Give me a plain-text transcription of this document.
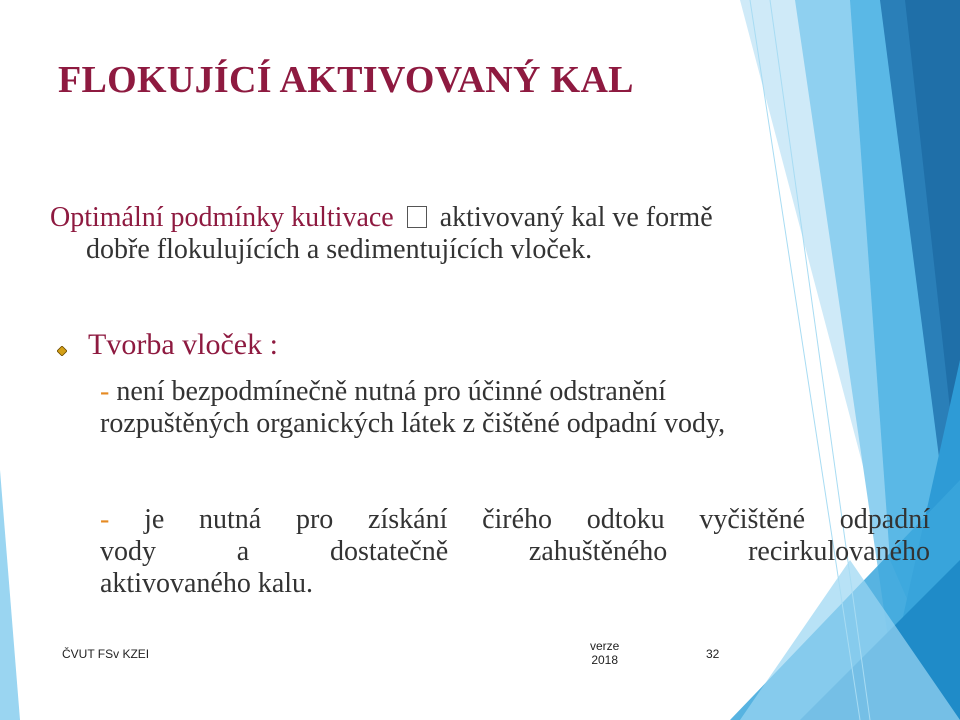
FLOKUJÍCÍ AKTIVOVANÝ KAL
Optimální podmínky kultivace aktivovaný kal ve formě
dobře flokulujících a sedimentujících vloček.
Tvorba vloček :
- není bezpodmínečně nutná pro účinné odstranění
rozpuštěných organických látek z čištěné odpadní vody,
- je nutná pro získání čirého odtoku vyčištěné odpadní
vody a dostatečně zahuštěného recirkulovaného
aktivovaného kalu.
ČVUT FSv KZEI
verze
2018	32
